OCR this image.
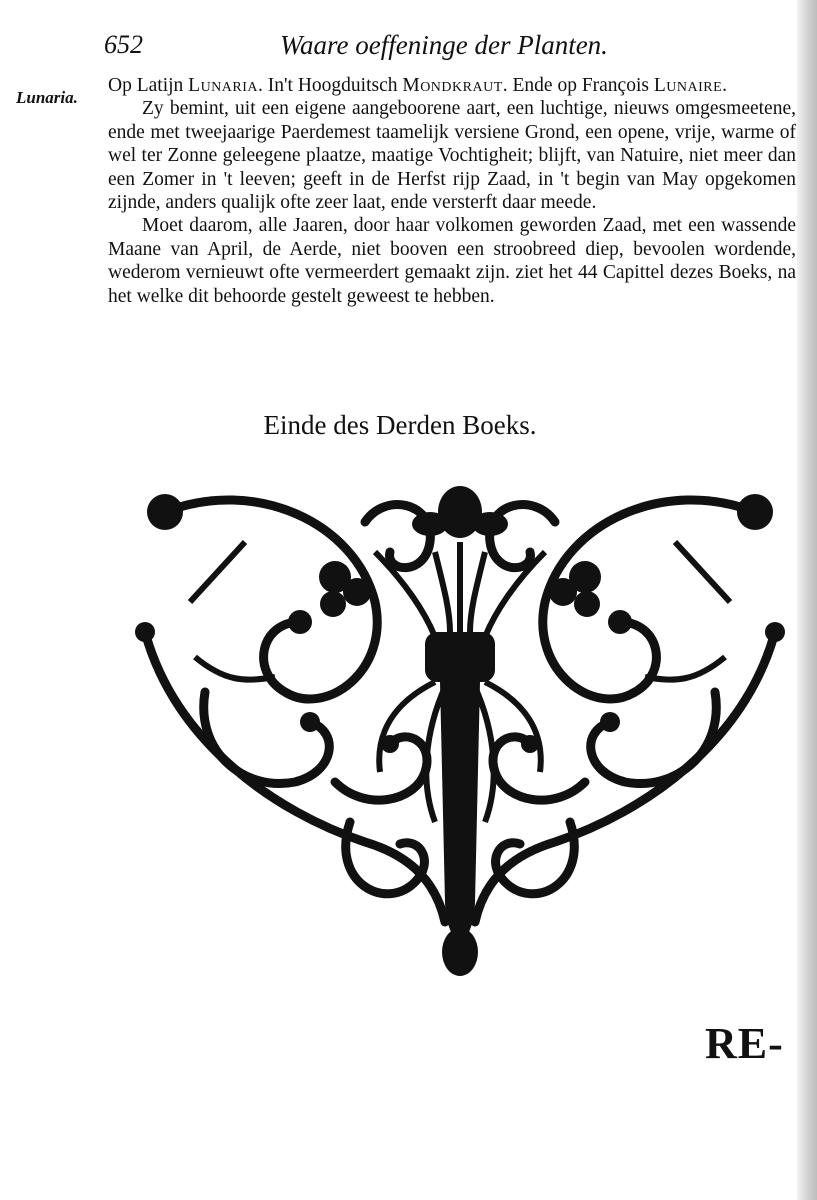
652	Waare oeffeninge der Planten.
Lunaria.

Op Latijn Lunaria. In't Hoogduitsch Mondkraut. Ende op François Lunaire.

Zy bemint, uit een eigene aangeboorene aart, een luchtige, nieuws omgesmeetene, ende met tweejaarige Paerdemest taamelijk versiene Grond, een opene, vrije, warme of wel ter Zonne geleegene plaatze, maatige Vochtigheit; blijft, van Natuire, niet meer dan een Zomer in 't leeven; geeft in de Herfst rijp Zaad, in 't begin van May opgekomen zijnde, anders qualijk ofte zeer laat, ende versterft daar meede.

Moet daarom, alle Jaaren, door haar volkomen geworden Zaad, met een wassende Maane van April, de Aerde, niet booven een stroobreed diep, bevoolen wordende, wederom vernieuwt ofte vermeerdert gemaakt zijn. ziet het 44 Capittel dezes Boeks, na het welke dit behoorde gestelt geweest te hebben.

Einde des Derden Boeks.
RE-
